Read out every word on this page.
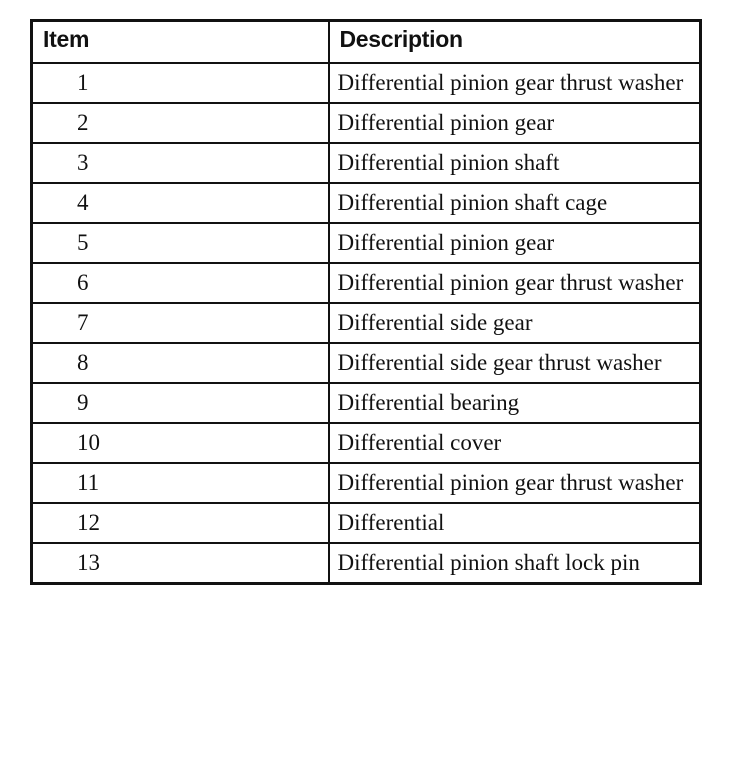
Item	Description
1	Differential pinion gear thrust washer
2	Differential pinion gear
3	Differential pinion shaft
4	Differential pinion shaft cage
5	Differential pinion gear
6	Differential pinion gear thrust washer
7	Differential side gear
8	Differential side gear thrust washer
9	Differential bearing
10	Differential cover
11	Differential pinion gear thrust washer
12	Differential
13	Differential pinion shaft lock pin
